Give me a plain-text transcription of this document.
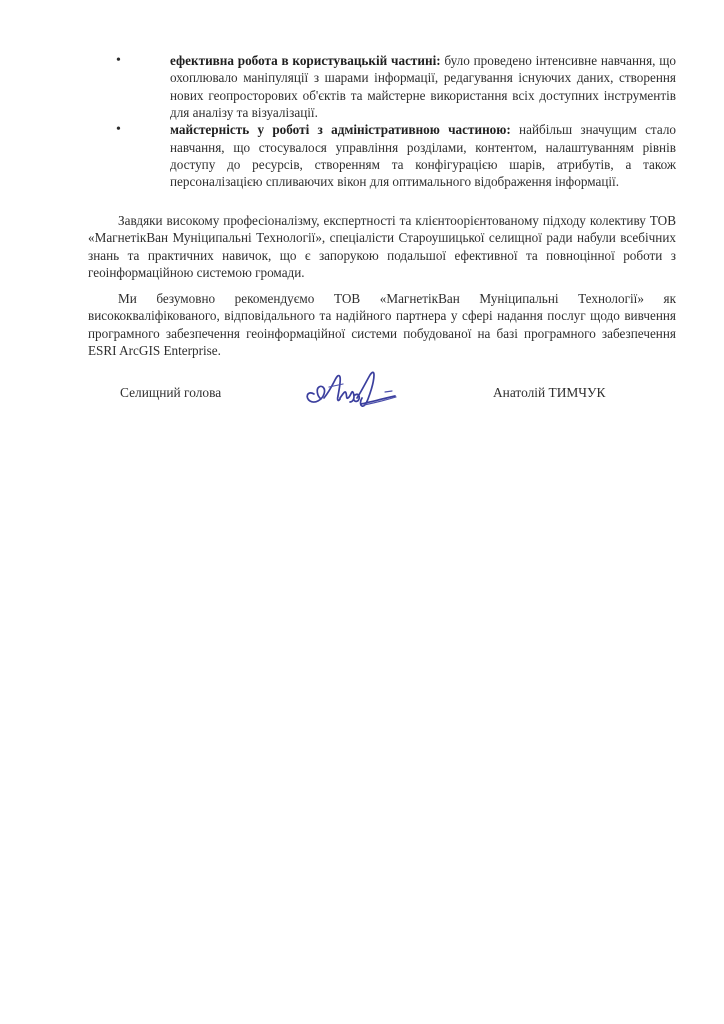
•	ефективна робота в користувацькій частині: було проведено інтенсивне навчання, що охоплювало маніпуляції з шарами інформації, редагування існуючих даних, створення нових геопросторових об'єктів та майстерне використання всіх доступних інструментів для аналізу та візуалізації.
•	майстерність у роботі з адміністративною частиною: найбільш значущим стало навчання, що стосувалося управління розділами, контентом, налаштуванням рівнів доступу до ресурсів, створенням та конфігурацією шарів, атрибутів, а також персоналізацією спливаючих вікон для оптимального відображення інформації.

Завдяки високому професіоналізму, експертності та клієнтоорієнтованому підходу колективу ТОВ «МагнетікВан Муніципальні Технології», спеціалісти Староушицької селищної ради набули всебічних знань та практичних навичок, що є запорукою подальшої ефективної та повноцінної роботи з геоінформаційною системою громади.

Ми безумовно рекомендуємо ТОВ «МагнетікВан Муніципальні Технології» як висококваліфікованого, відповідального та надійного партнера у сфері надання послуг щодо вивчення програмного забезпечення геоінформаційної системи побудованої на базі програмного забезпечення ESRI ArcGIS Enterprise.

Селищний голова	Анатолій ТИМЧУК
